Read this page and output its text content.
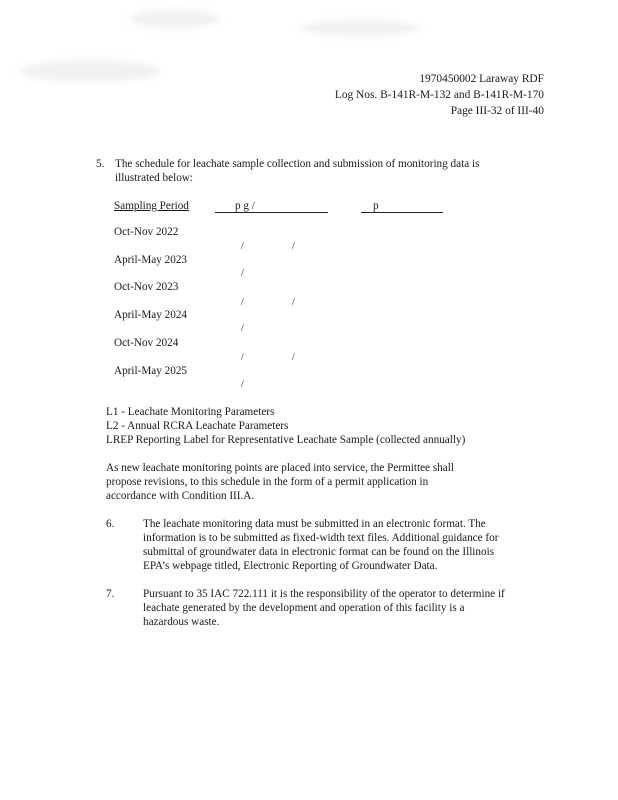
1970450002 Laraway RDF
Log Nos. B-141R-M-132 and B-141R-M-170
Page III-32 of III-40
5. The schedule for leachate sample collection and submission of monitoring data is
illustrated below:
Sampling Period	p g /	p
Oct-Nov 2022
/	/
April-May 2023
/
Oct-Nov 2023
/	/
April-May 2024
/
Oct-Nov 2024
/	/
April-May 2025
/
L1 - Leachate Monitoring Parameters
L2 - Annual RCRA Leachate Parameters
LREP Reporting Label for Representative Leachate Sample (collected annually)
As new leachate monitoring points are placed into service, the Permittee shall
propose revisions, to this schedule in the form of a permit application in
accordance with Condition III.A.
6.	The leachate monitoring data must be submitted in an electronic format. The
information is to be submitted as fixed-width text files. Additional guidance for
submittal of groundwater data in electronic format can be found on the Illinois
EPA’s webpage titled, Electronic Reporting of Groundwater Data.
7.	Pursuant to 35 IAC 722.111 it is the responsibility of the operator to determine if
leachate generated by the development and operation of this facility is a
hazardous waste.
